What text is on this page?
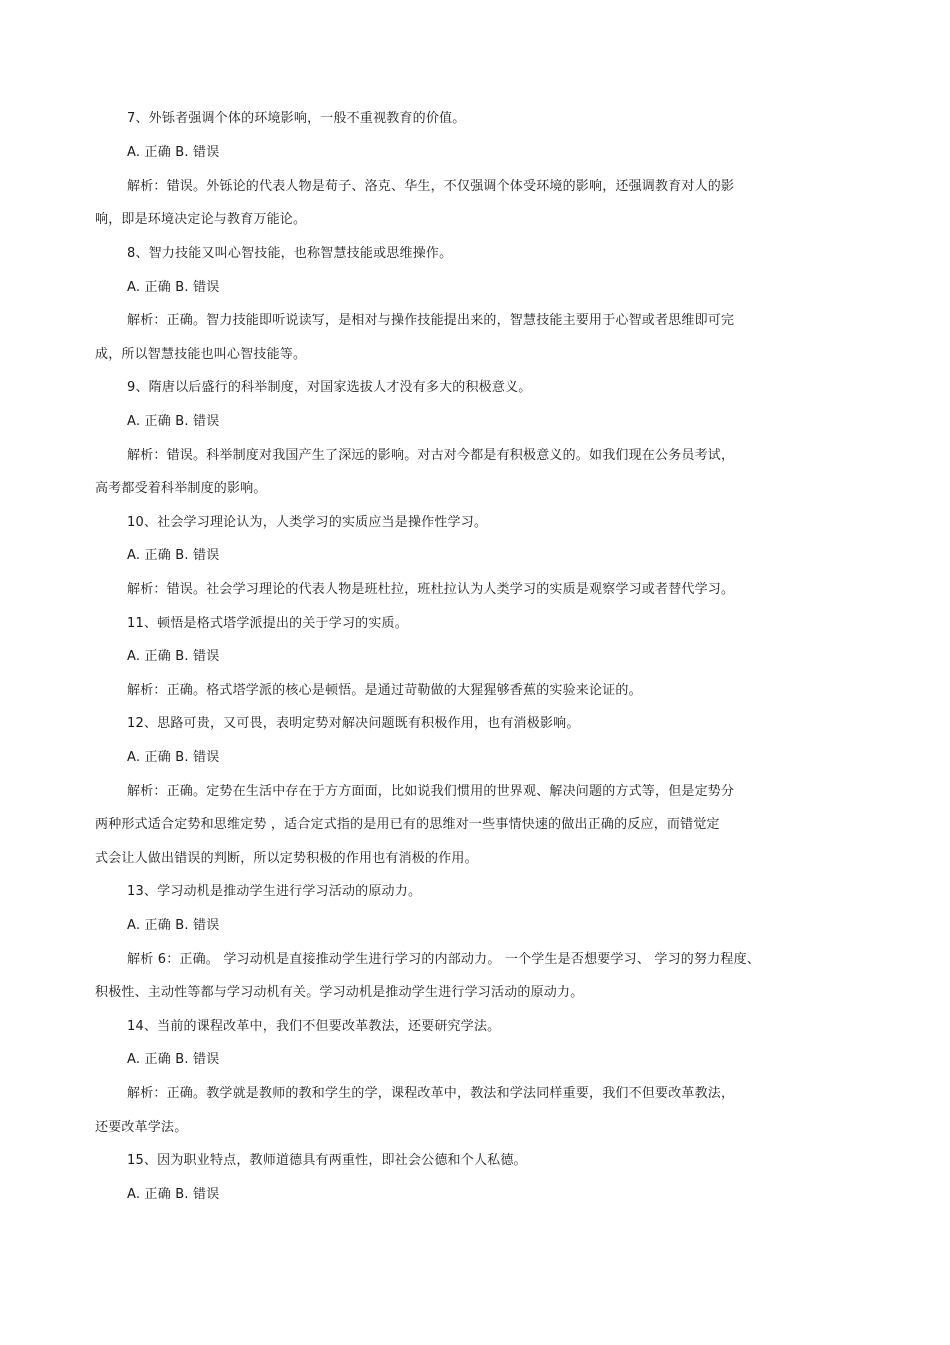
7、外铄者强调个体的环境影响，一般不重视教育的价值。
A. 正确 B. 错误
解析：错误。外铄论的代表人物是荀子、洛克、华生，不仅强调个体受环境的影响，还强调教育对人的影
响，即是环境决定论与教育万能论。
8、智力技能又叫心智技能，也称智慧技能或思维操作。
A. 正确 B. 错误
解析：正确。智力技能即听说读写，是相对与操作技能提出来的，智慧技能主要用于心智或者思维即可完
成，所以智慧技能也叫心智技能等。
9、隋唐以后盛行的科举制度，对国家选拔人才没有多大的积极意义。
A. 正确 B. 错误
解析：错误。科举制度对我国产生了深远的影响。对古对今都是有积极意义的。如我们现在公务员考试，
高考都受着科举制度的影响。
10、社会学习理论认为，人类学习的实质应当是操作性学习。
A. 正确 B. 错误
解析：错误。社会学习理论的代表人物是班杜拉，班杜拉认为人类学习的实质是观察学习或者替代学习。
11、顿悟是格式塔学派提出的关于学习的实质。
A. 正确 B. 错误
解析：正确。格式塔学派的核心是顿悟。是通过苛勒做的大猩猩够香蕉的实验来论证的。
12、思路可贵，又可畏，表明定势对解决问题既有积极作用，也有消极影响。
A. 正确 B. 错误
解析：正确。定势在生活中存在于方方面面，比如说我们惯用的世界观、解决问题的方式等，但是定势分
两种形式适合定势和思维定势 ，适合定式指的是用已有的思维对一些事情快速的做出正确的反应，而错觉定
式会让人做出错误的判断，所以定势积极的作用也有消极的作用。
13、学习动机是推动学生进行学习活动的原动力。
A. 正确 B. 错误
解析 6：正确。 学习动机是直接推动学生进行学习的内部动力。 一个学生是否想要学习、 学习的努力程度、
积极性、主动性等都与学习动机有关。学习动机是推动学生进行学习活动的原动力。
14、当前的课程改革中，我们不但要改革教法，还要研究学法。
A. 正确 B. 错误
解析：正确。教学就是教师的教和学生的学，课程改革中，教法和学法同样重要，我们不但要改革教法，
还要改革学法。
15、因为职业特点，教师道德具有两重性，即社会公德和个人私德。
A. 正确 B. 错误
